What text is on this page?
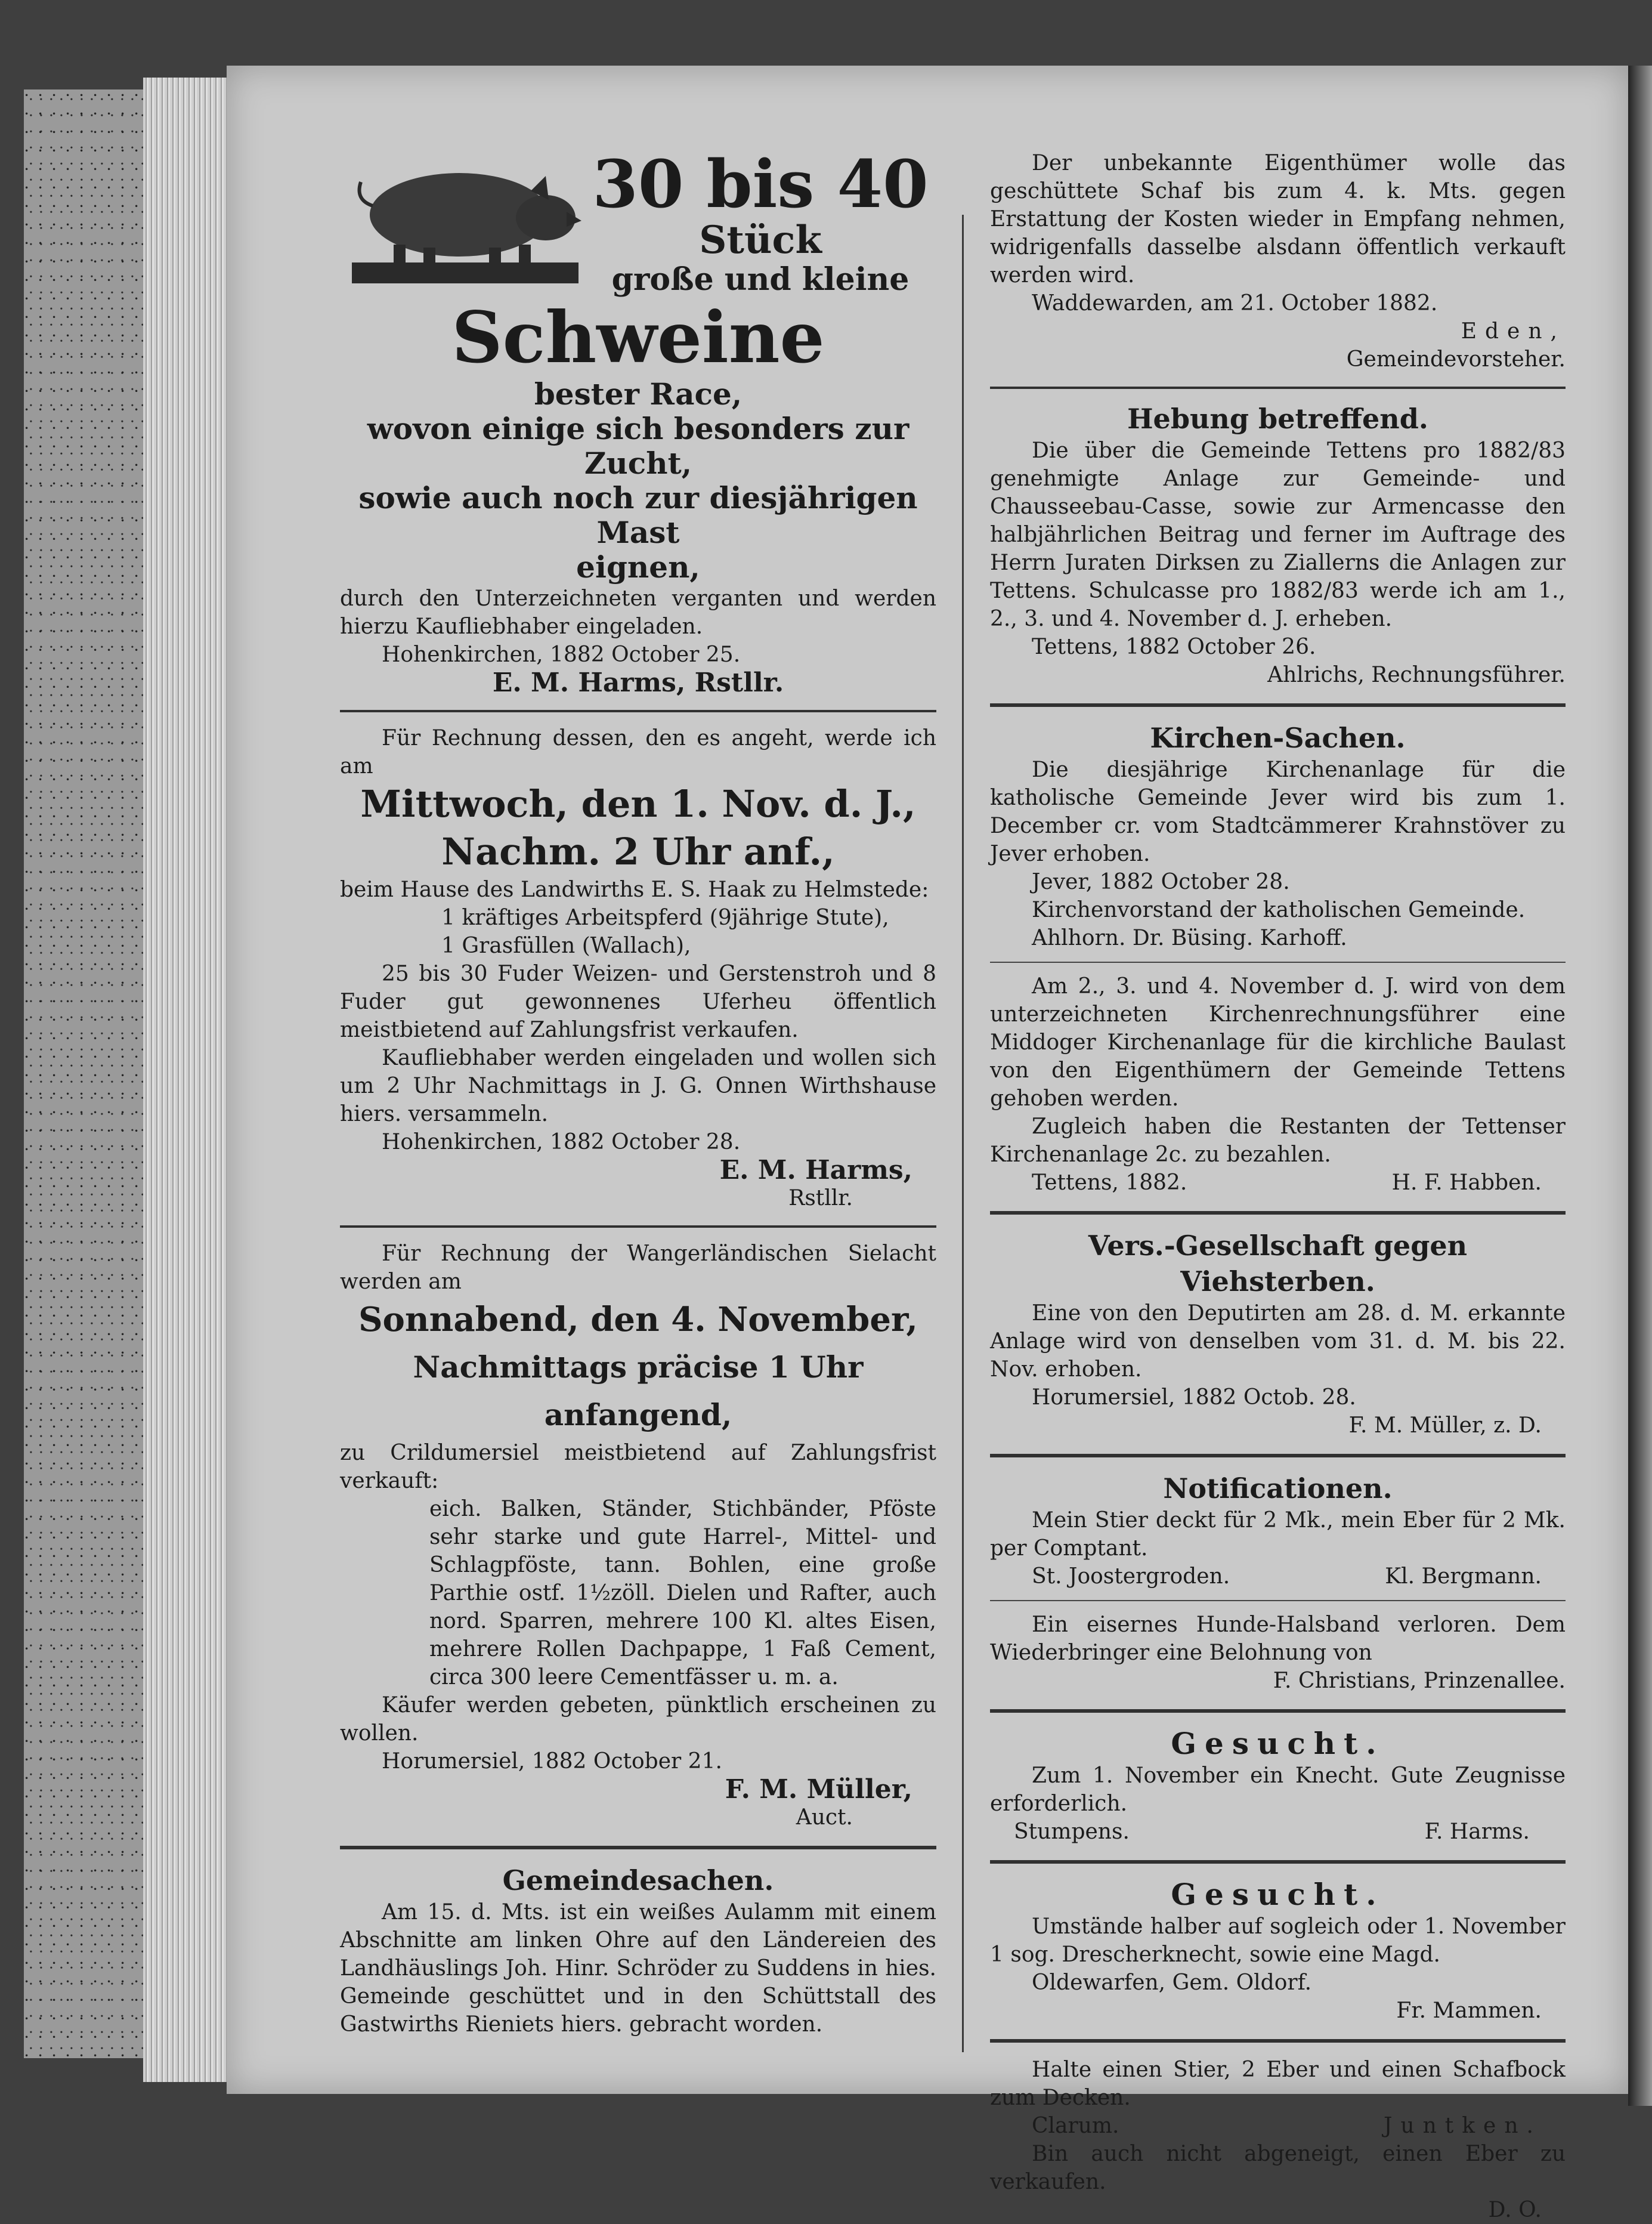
30 bis 40

Stück

große und kleine

Schweine

bester Race,

wovon einige sich besonders zur Zucht,

sowie auch noch zur diesjährigen Mast

eignen,

durch den Unterzeichneten verganten und werden hierzu Kaufliebhaber eingeladen.

Hohenkirchen, 1882 October 25.

E. M. Harms, Rstllr.

Für Rechnung dessen, den es angeht, werde ich am

Mittwoch, den 1. Nov. d. J.,

Nachm. 2 Uhr anf.,

beim Hause des Landwirths E. S. Haak zu Helmstede:

1 kräftiges Arbeitspferd (9jährige Stute),

1 Grasfüllen (Wallach),

25 bis 30 Fuder Weizen- und Gerstenstroh und 8 Fuder gut gewonnenes Uferheu öffentlich meistbietend auf Zahlungsfrist verkaufen.

Kaufliebhaber werden eingeladen und wollen sich um 2 Uhr Nachmittags in J. G. Onnen Wirthshause hiers. versammeln.

Hohenkirchen, 1882 October 28.

E. M. Harms,

Rstllr.

Für Rechnung der Wangerländischen Sielacht werden am

Sonnabend, den 4. November,

Nachmittags präcise 1 Uhr anfangend,

zu Crildumersiel meistbietend auf Zahlungsfrist verkauft:

eich. Balken, Ständer, Stichbänder, Pföste sehr starke und gute Harrel-, Mittel- und Schlagpföste, tann. Bohlen, eine große Parthie ostf. 1½zöll. Dielen und Rafter, auch nord. Sparren, mehrere 100 Kl. altes Eisen, mehrere Rollen Dachpappe, 1 Faß Cement, circa 300 leere Cementfässer u. m. a.

Käufer werden gebeten, pünktlich erscheinen zu wollen.

Horumersiel, 1882 October 21.

F. M. Müller,

Auct.

Gemeindesachen.

Am 15. d. Mts. ist ein weißes Aulamm mit einem Abschnitte am linken Ohre auf den Ländereien des Landhäuslings Joh. Hinr. Schröder zu Suddens in hies. Gemeinde geschüttet und in den Schüttstall des Gastwirths Rieniets hiers. gebracht worden.

Der unbekannte Eigenthümer wolle das geschüttete Schaf bis zum 4. k. Mts. gegen Erstattung der Kosten wieder in Empfang nehmen, widrigenfalls dasselbe alsdann öffentlich verkauft werden wird.

Waddewarden, am 21. October 1882.

Eden,

Gemeindevorsteher.

Hebung betreffend.

Die über die Gemeinde Tettens pro 1882/83 genehmigte Anlage zur Gemeinde- und Chausseebau-Casse, sowie zur Armencasse den halbjährlichen Beitrag und ferner im Auftrage des Herrn Juraten Dirksen zu Ziallerns die Anlagen zur Tettens. Schulcasse pro 1882/83 werde ich am 1., 2., 3. und 4. November d. J. erheben.

Tettens, 1882 October 26.

Ahlrichs, Rechnungsführer.

Kirchen-Sachen.

Die diesjährige Kirchenanlage für die katholische Gemeinde Jever wird bis zum 1. December cr. vom Stadtcämmerer Krahnstöver zu Jever erhoben.

Jever, 1882 October 28.

Kirchenvorstand der katholischen Gemeinde.

Ahlhorn. Dr. Büsing. Karhoff.

Am 2., 3. und 4. November d. J. wird von dem unterzeichneten Kirchenrechnungsführer eine Middoger Kirchenanlage für die kirchliche Baulast von den Eigenthümern der Gemeinde Tettens gehoben werden.

Zugleich haben die Restanten der Tettenser Kirchenanlage 2c. zu bezahlen.

Tettens, 1882.	H. F. Habben.

Vers.-Gesellschaft gegen Viehsterben.

Eine von den Deputirten am 28. d. M. erkannte Anlage wird von denselben vom 31. d. M. bis 22. Nov. erhoben.

Horumersiel, 1882 Octob. 28.

F. M. Müller, z. D.

Notificationen.

Mein Stier deckt für 2 Mk., mein Eber für 2 Mk. per Comptant.

St. Joostergroden.	Kl. Bergmann.

Ein eisernes Hunde-Halsband verloren. Dem Wiederbringer eine Belohnung von

F. Christians, Prinzenallee.

Gesucht.

Zum 1. November ein Knecht. Gute Zeugnisse erforderlich.

Stumpens.	F. Harms.

Gesucht.

Umstände halber auf sogleich oder 1. November 1 sog. Drescherknecht, sowie eine Magd.

Oldewarfen, Gem. Oldorf.

Fr. Mammen.

Halte einen Stier, 2 Eber und einen Schafbock zum Decken.

Clarum.	Juntken.

Bin auch nicht abgeneigt, einen Eber zu verkaufen.

D. O.
